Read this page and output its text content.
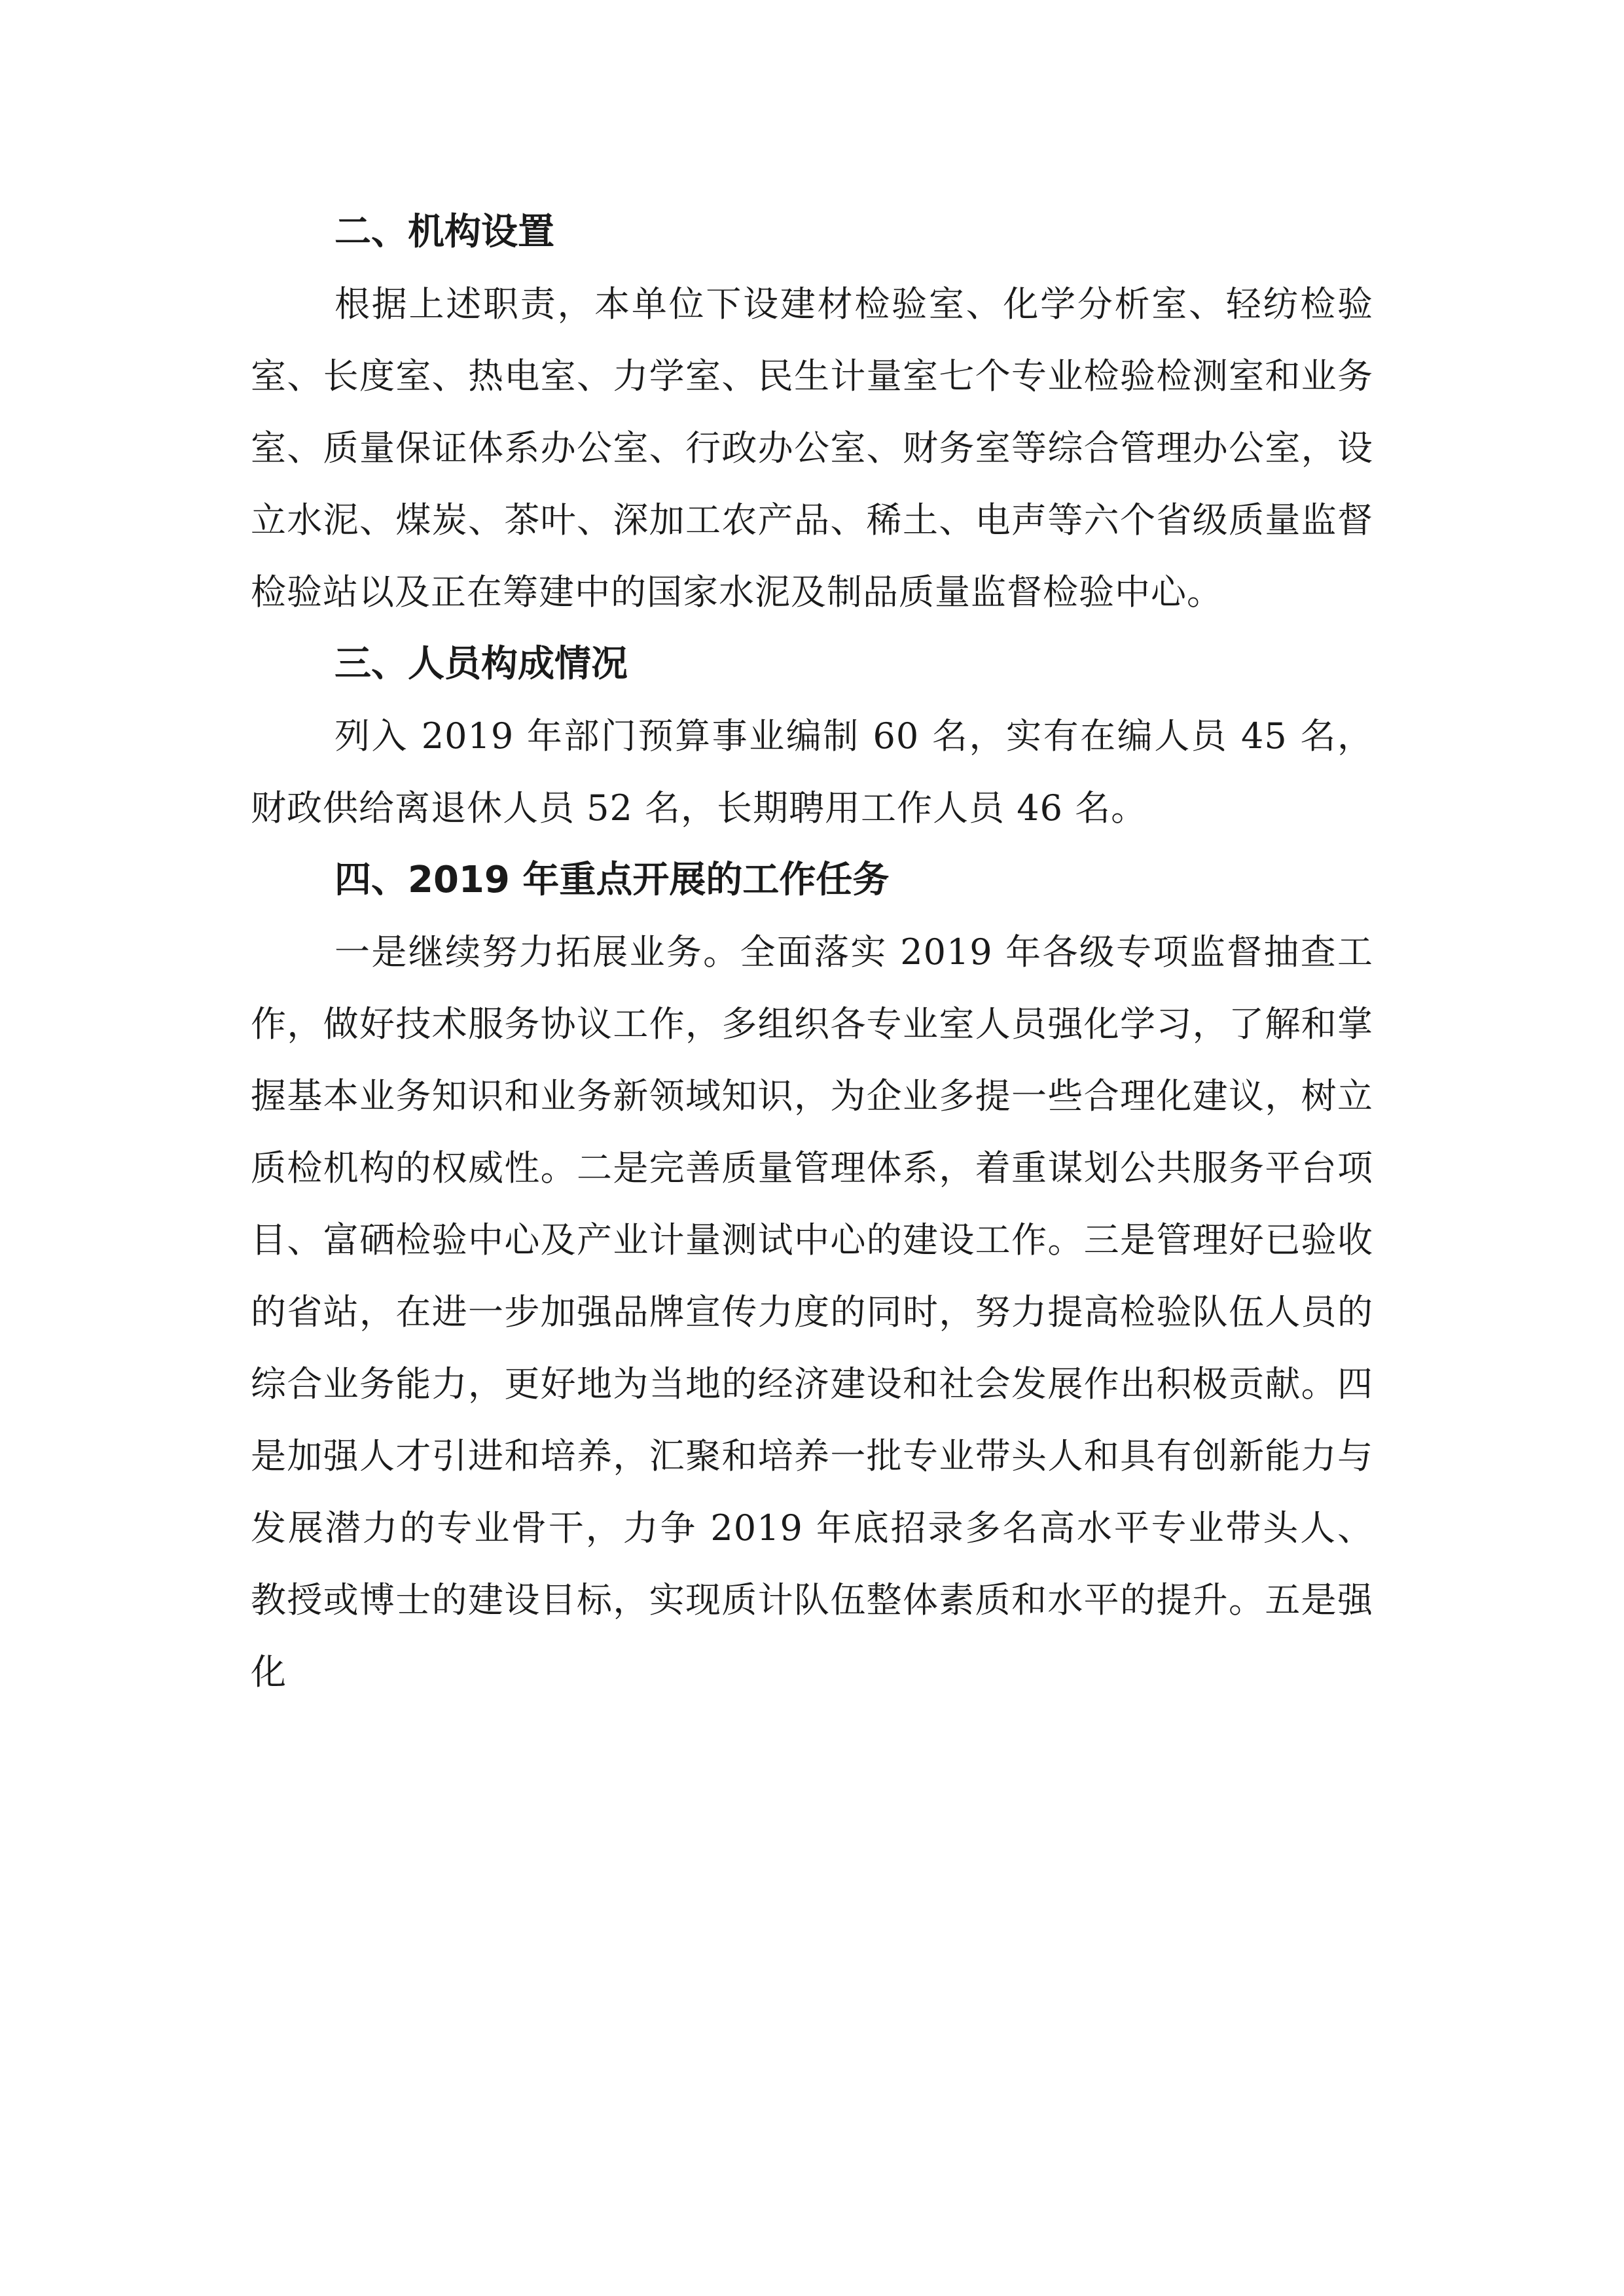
二、机构设置

根据上述职责，本单位下设建材检验室、化学分析室、轻纺检验室、长度室、热电室、力学室、民生计量室七个专业检验检测室和业务室、质量保证体系办公室、行政办公室、财务室等综合管理办公室，设立水泥、煤炭、茶叶、深加工农产品、稀土、电声等六个省级质量监督检验站以及正在筹建中的国家水泥及制品质量监督检验中心。

三、人员构成情况

列入 2019 年部门预算事业编制 60 名，实有在编人员 45 名，财政供给离退休人员 52 名，长期聘用工作人员 46 名。

四、2019 年重点开展的工作任务

一是继续努力拓展业务。全面落实 2019 年各级专项监督抽查工作，做好技术服务协议工作，多组织各专业室人员强化学习，了解和掌握基本业务知识和业务新领域知识，为企业多提一些合理化建议，树立质检机构的权威性。二是完善质量管理体系，着重谋划公共服务平台项目、富硒检验中心及产业计量测试中心的建设工作。三是管理好已验收的省站，在进一步加强品牌宣传力度的同时，努力提高检验队伍人员的综合业务能力，更好地为当地的经济建设和社会发展作出积极贡献。四是加强人才引进和培养，汇聚和培养一批专业带头人和具有创新能力与发展潜力的专业骨干，力争 2019 年底招录多名高水平专业带头人、教授或博士的建设目标，实现质计队伍整体素质和水平的提升。五是强化
